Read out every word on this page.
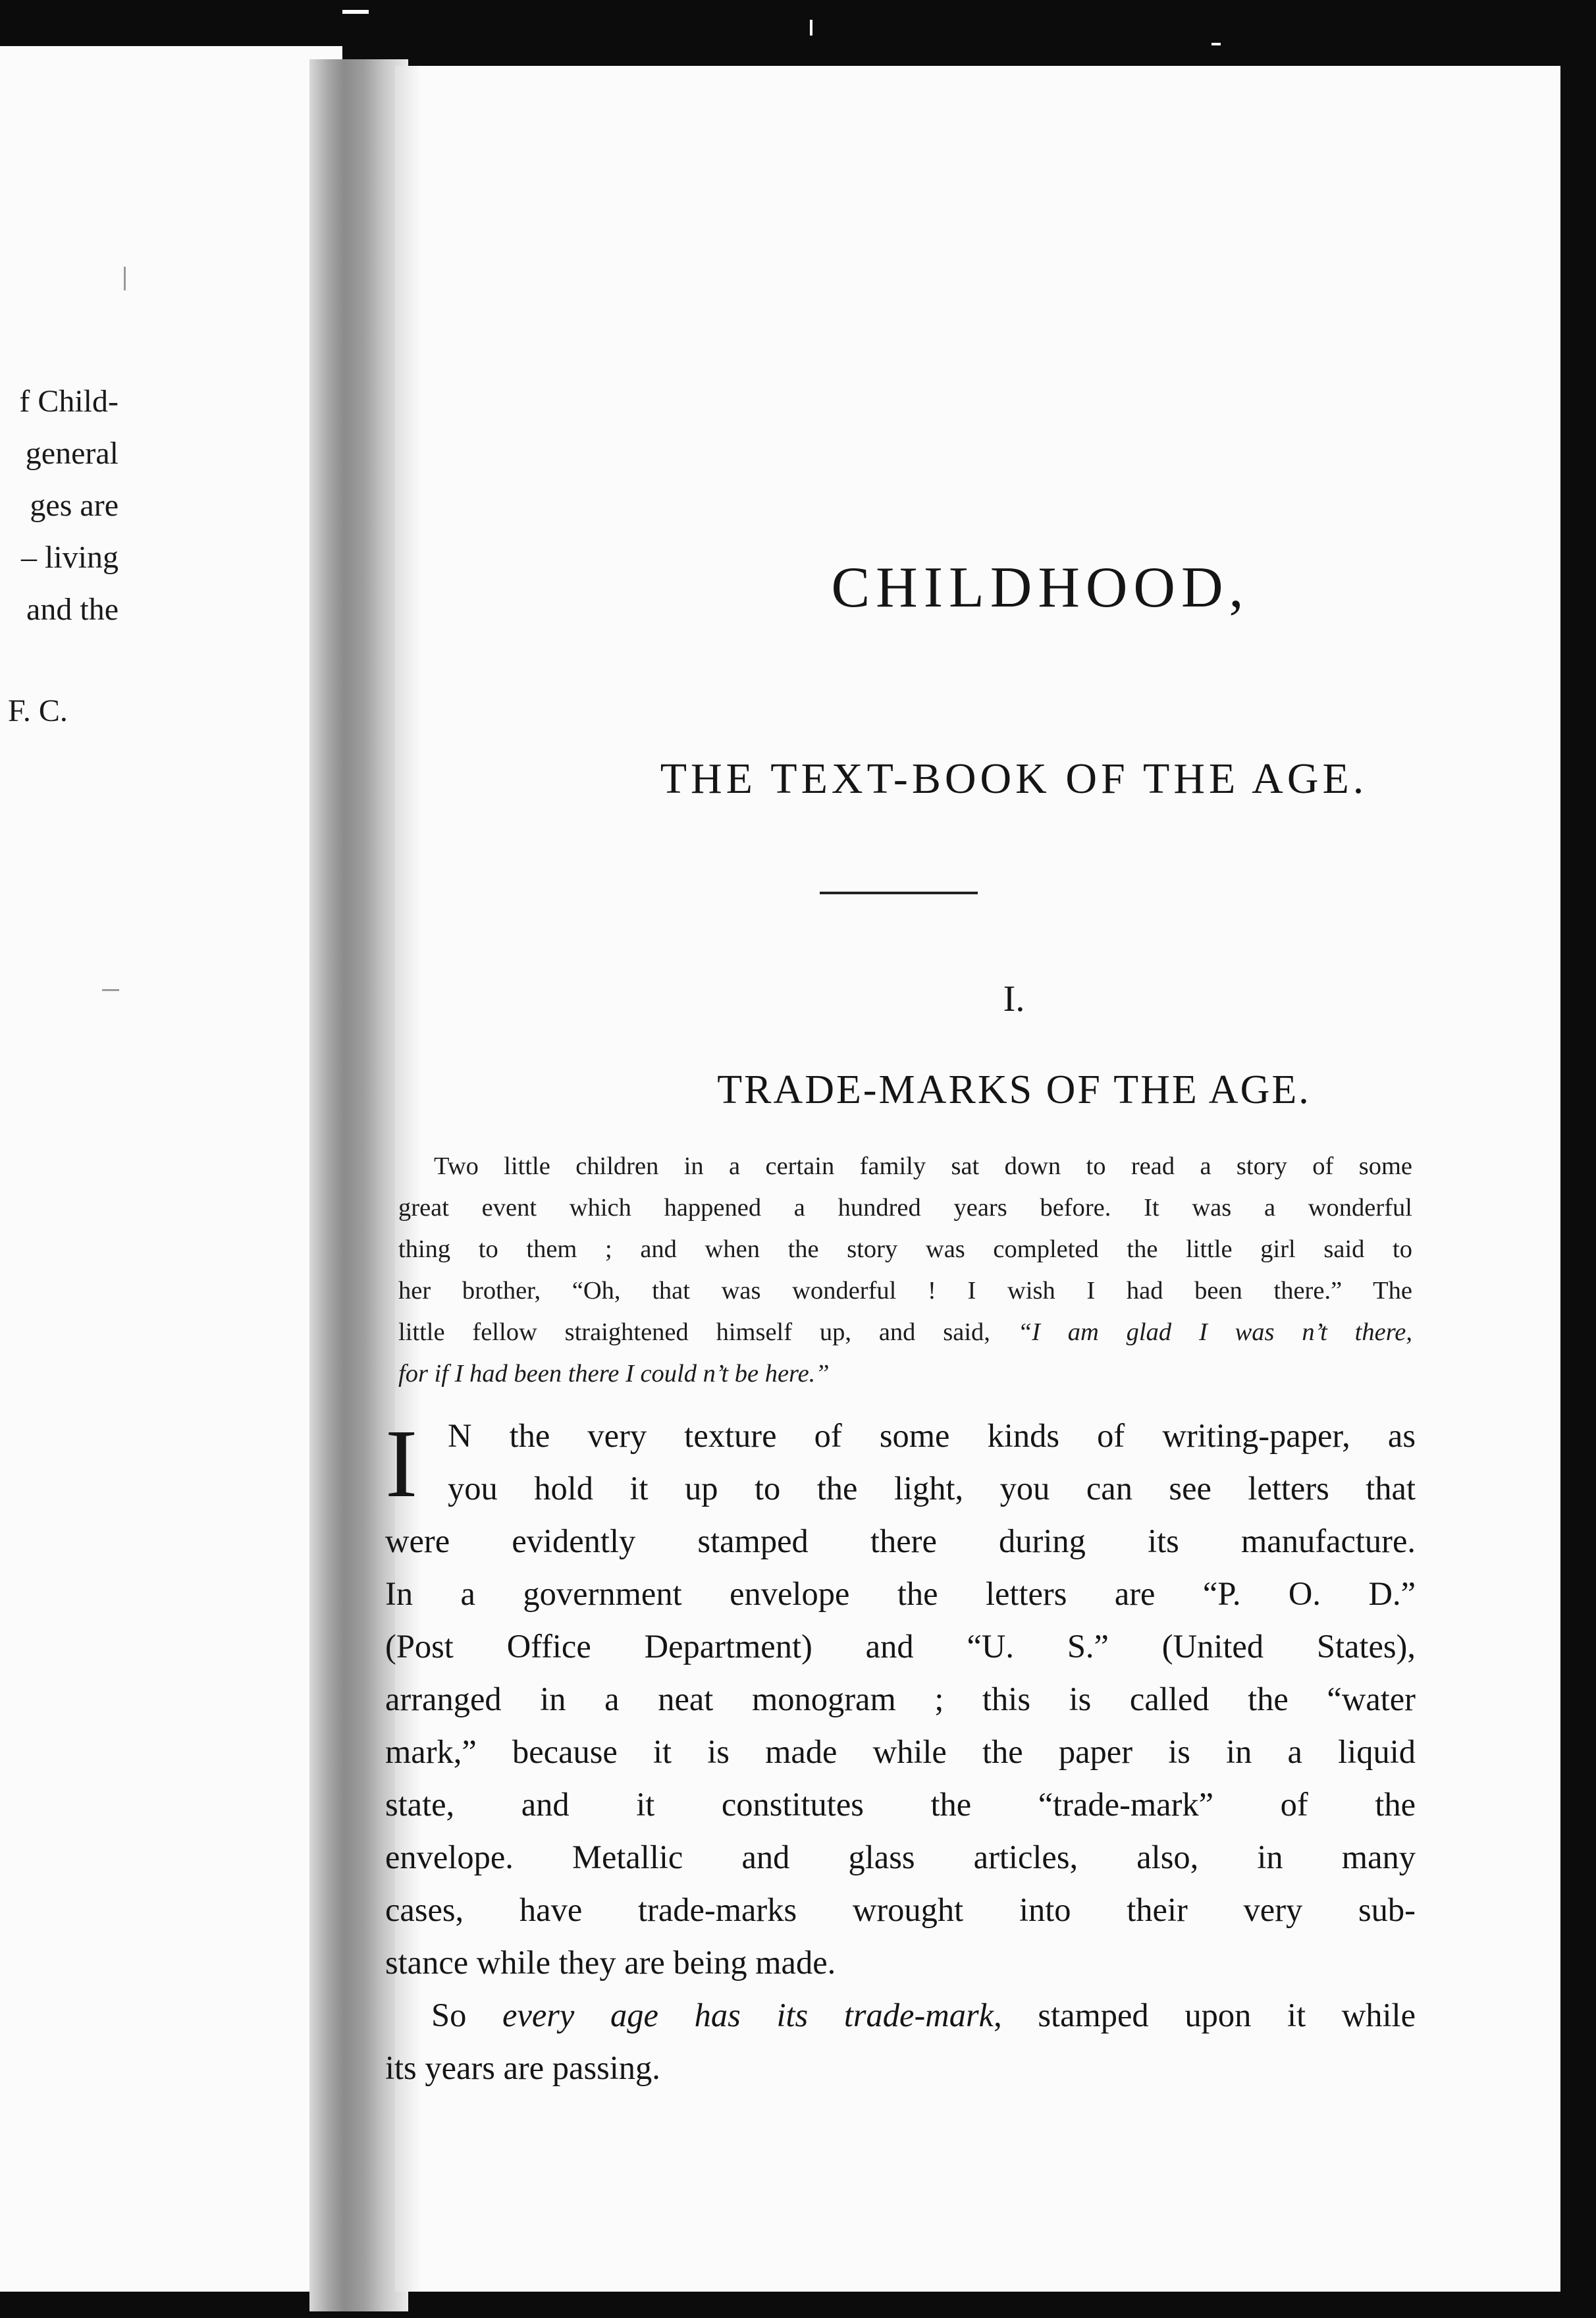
f Child-
general
ges are
– living
and the
F. C.
CHILDHOOD,
THE TEXT-BOOK OF THE AGE.
I.
TRADE-MARKS OF THE AGE.
Two little children in a certain family sat down to read a story of some
great event which happened a hundred years before. It was a wonderful
thing to them ; and when the story was completed the little girl said to
her brother, “Oh, that was wonderful ! I wish I had been there.” The
little fellow straightened himself up, and said, “I am glad I was n’t there,
for if I had been there I could n’t be here.”
I N the very texture of some kinds of writing-paper, as
you hold it up to the light, you can see letters that
were evidently stamped there during its manufacture.
In a government envelope the letters are “P. O. D.”
(Post Office Department) and “U. S.” (United States),
arranged in a neat monogram ; this is called the “water
mark,” because it is made while the paper is in a liquid
state, and it constitutes the “trade-mark” of the
envelope. Metallic and glass articles, also, in many
cases, have trade-marks wrought into their very sub-
stance while they are being made.
So every age has its trade-mark, stamped upon it while
its years are passing.
